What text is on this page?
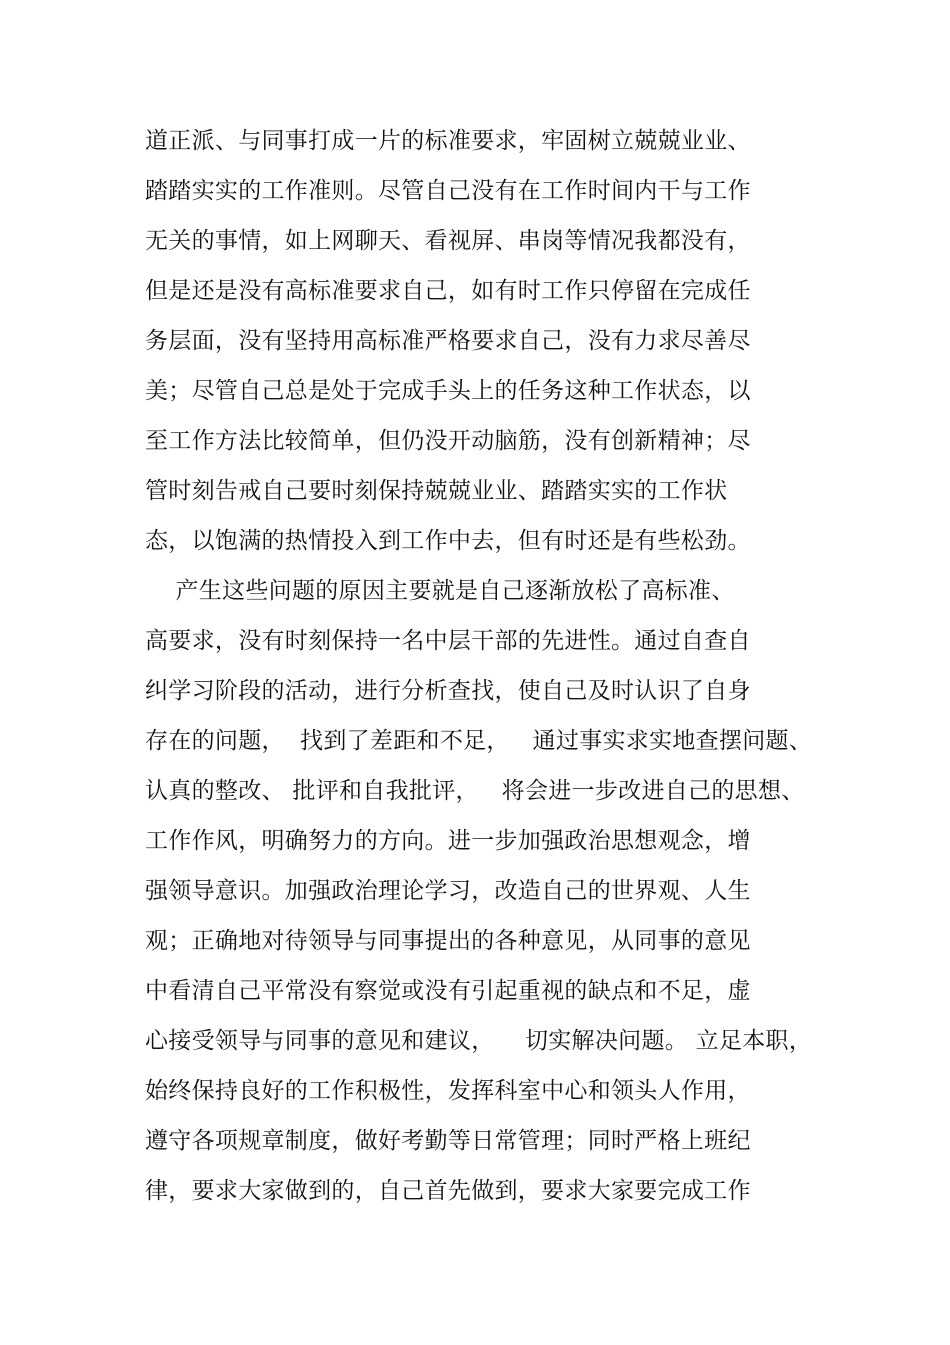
道正派、与同事打成一片的标准要求，牢固树立兢兢业业、
踏踏实实的工作准则。尽管自己没有在工作时间内干与工作
无关的事情，如上网聊天、看视屏、串岗等情况我都没有，
但是还是没有高标准要求自己，如有时工作只停留在完成任
务层面，没有坚持用高标准严格要求自己，没有力求尽善尽
美；尽管自己总是处于完成手头上的任务这种工作状态，以
至工作方法比较简单，但仍没开动脑筋，没有创新精神；尽
管时刻告戒自己要时刻保持兢兢业业、踏踏实实的工作状
态，以饱满的热情投入到工作中去，但有时还是有些松劲。
产生这些问题的原因主要就是自己逐渐放松了高标准、
高要求，没有时刻保持一名中层干部的先进性。通过自查自
纠学习阶段的活动，进行分析查找，使自己及时认识了自身
存在的问题，  找到了差距和不足，   通过事实求实地查摆问题、
认真的整改、 批评和自我批评，   将会进一步改进自己的思想、
工作作风，明确努力的方向。进一步加强政治思想观念，增
强领导意识。加强政治理论学习，改造自己的世界观、人生
观；正确地对待领导与同事提出的各种意见，从同事的意见
中看清自己平常没有察觉或没有引起重视的缺点和不足，虚
心接受领导与同事的意见和建议，    切实解决问题。 立足本职，
始终保持良好的工作积极性，发挥科室中心和领头人作用，
遵守各项规章制度，做好考勤等日常管理；同时严格上班纪
律，要求大家做到的，自己首先做到，要求大家要完成工作
